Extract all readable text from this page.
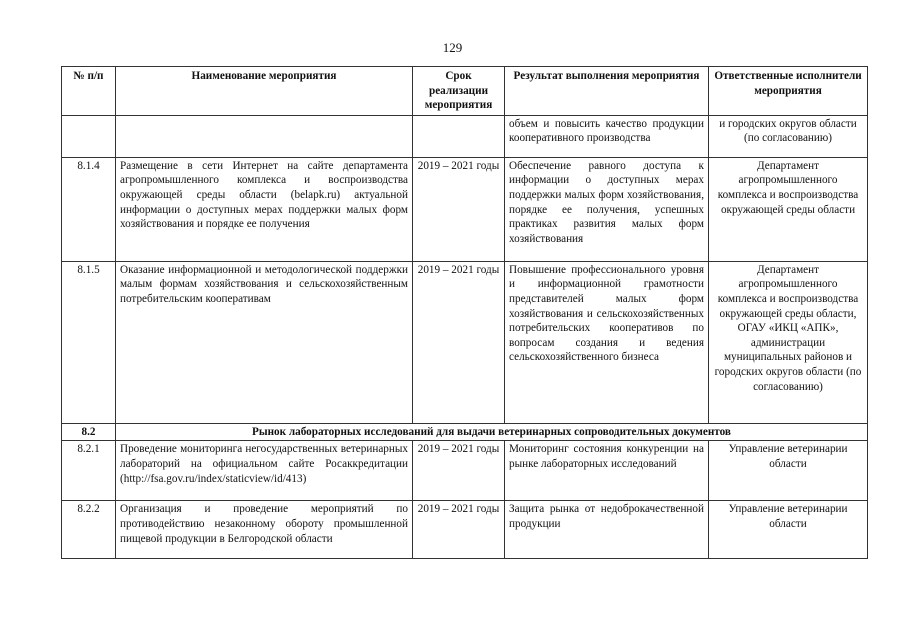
129
№ п/п	Наименование мероприятия	Срок реализации мероприятия	Результат выполнения мероприятия	Ответственные исполнители мероприятия
			объем и повысить качество продукции кооперативного производства	и городских округов области (по согласованию)
8.1.4	Размещение в сети Интернет на сайте департамента агропромышленного комплекса и воспроизводства окружающей среды области (belapk.ru) актуальной информации о доступных мерах поддержки малых форм хозяйствования и порядке ее получения	2019 – 2021 годы	Обеспечение равного доступа к информации о доступных мерах поддержки малых форм хозяйствования, порядке ее получения, успешных практиках развития малых форм хозяйствования	Департамент агропромышленного комплекса и воспроизводства окружающей среды области
8.1.5	Оказание информационной и методологической поддержки малым формам хозяйствования и сельскохозяйственным потребительским кооперативам	2019 – 2021 годы	Повышение профессионального уровня и информационной грамотности представителей малых форм хозяйствования и сельскохозяйственных потребительских кооперативов по вопросам создания и ведения сельскохозяйственного бизнеса	Департамент агропромышленного комплекса и воспроизводства окружающей среды области, ОГАУ «ИКЦ «АПК», администрации муниципальных районов и городских округов области (по согласованию)
8.2	Рынок лабораторных исследований для выдачи ветеринарных сопроводительных документов			
8.2.1	Проведение мониторинга негосударственных ветеринарных лабораторий на официальном сайте Росаккредитации (http://fsa.gov.ru/index/staticview/id/413)	2019 – 2021 годы	Мониторинг состояния конкуренции на рынке лабораторных исследований	Управление ветеринарии области
8.2.2	Организация и проведение мероприятий по противодействию незаконному обороту промышленной пищевой продукции в Белгородской области	2019 – 2021 годы	Защита рынка от недоброкачественной продукции	Управление ветеринарии области
